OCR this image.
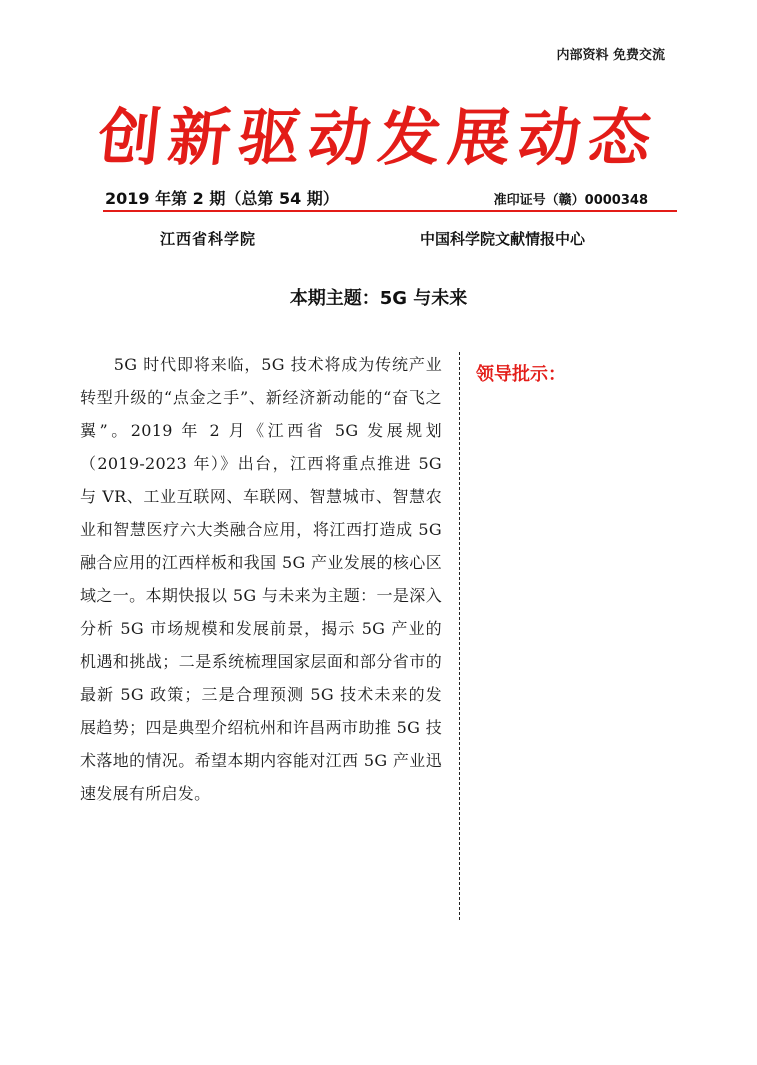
内部资料 免费交流
创新驱动发展动态
2019 年第 2 期（总第 54 期）	准印证号（赣）0000348
江西省科学院	中国科学院文献情报中心
本期主题：5G 与未来

　　5G 时代即将来临，5G 技术将成为传统产业转型升级的“点金之手”、新经济新动能的“奋飞之翼”。2019 年 2 月《江西省 5G 发展规划（2019-2023 年）》出台，江西将重点推进 5G 与 VR、工业互联网、车联网、智慧城市、智慧农业和智慧医疗六大类融合应用，将江西打造成 5G 融合应用的江西样板和我国 5G 产业发展的核心区域之一。本期快报以 5G 与未来为主题：一是深入分析 5G 市场规模和发展前景，揭示 5G 产业的机遇和挑战；二是系统梳理国家层面和部分省市的最新 5G 政策；三是合理预测 5G 技术未来的发展趋势；四是典型介绍杭州和许昌两市助推 5G 技术落地的情况。希望本期内容能对江西 5G 产业迅速发展有所启发。

领导批示：
